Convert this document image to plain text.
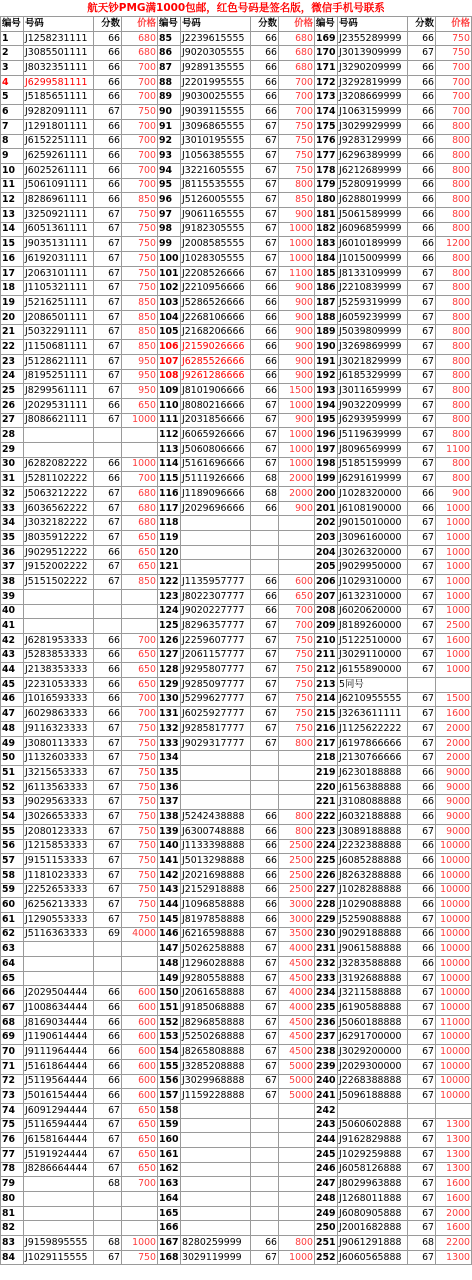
航天钞PMG满1000包邮，红色号码是签名版，微信手机号联系
编号	号码	分数	价格	编号	号码	分数	价格	编号	号码	分数	价格
1	J1258231111	66	680	85	J2239615555	66	680	169	J2355289999	66	750
2	J3085501111	66	680	86	J9020305555	66	680	170	J3013909999	67	750
3	J8032351111	66	700	87	J9289135555	66	680	171	J3290209999	66	700
4	J6299581111	66	700	88	J2201995555	66	700	172	J3292819999	66	700
5	J5185651111	66	700	89	J9030025555	66	700	173	J3208669999	66	700
6	J9282091111	67	750	90	J9039115555	66	700	174	J1063159999	66	700
7	J1291801111	66	700	91	J3096865555	67	750	175	J3029929999	66	800
8	J6152251111	66	700	92	J3010195555	67	750	176	J9283129999	66	800
9	J6259261111	66	700	93	J1056385555	67	750	177	J6296389999	66	800
10	J6025261111	66	700	94	J3221605555	67	750	178	J6212689999	66	800
11	J5061091111	66	700	95	J8115535555	67	800	179	J5280919999	66	800
12	J8286961111	66	850	96	J5126005555	67	850	180	J6288019999	66	800
13	J3250921111	67	750	97	J9061165555	67	900	181	J5061589999	66	800
14	J6051361111	67	750	98	J9182305555	67	1000	182	J6096859999	66	800
15	J9035131111	67	750	99	J2008585555	67	1000	183	J6010189999	66	1200
16	J6192031111	67	750	100	J1028305555	67	1000	184	J1015009999	66	800
17	J2063101111	67	750	101	J2208526666	67	1100	185	J8133109999	67	800
18	J1105321111	67	750	102	J2210956666	66	900	186	J2210839999	67	800
19	J5216251111	67	850	103	J5286526666	66	900	187	J5259319999	67	800
20	J2086501111	67	850	104	J2268106666	66	900	188	J6059239999	67	800
21	J5032291111	67	850	105	J2168206666	66	900	189	J5039809999	67	800
22	J1150681111	67	850	106	J2159026666	66	900	190	J3269869999	67	800
23	J5128621111	67	950	107	J6285526666	66	900	191	J3021829999	67	800
24	J8195251111	67	950	108	J9261286666	66	900	192	J6185329999	67	800
25	J8299561111	67	950	109	J8101906666	66	1500	193	J3011659999	67	800
26	J2029531111	66	650	110	J8080216666	67	1000	194	J9032209999	67	800
27	J8086621111	67	1000	111	J2031856666	67	900	195	J6293959999	67	800
28				112	J6065926666	67	1000	196	J5119639999	67	800
29				113	J5060806666	67	1000	197	J8096569999	67	1100
30	J6282082222	66	1000	114	J5161696666	67	1000	198	J5185159999	67	800
31	J5281102222	66	700	115	J5111926666	68	2000	199	J6291619999	67	800
32	J5063212222	67	680	116	J1189096666	68	2000	200	J1028320000	66	900
33	J6036562222	67	680	117	J2029696666	66	900	201	J6108190000	66	1000
34	J3032182222	67	680	118				202	J9015010000	67	1000
35	J8035912222	67	650	119				203	J3096160000	67	1000
36	J9029512222	66	650	120				204	J3026320000	67	1000
37	J9152002222	67	650	121				205	J9029950000	67	1000
38	J5151502222	67	850	122	J1135957777	66	600	206	J1029310000	67	1000
39				123	J8022307777	66	650	207	J6132310000	67	1000
40				124	J9020227777	66	700	208	J6020620000	67	1000
41				125	J8296357777	67	700	209	J8189260000	67	2500
42	J6281953333	66	700	126	J2259607777	67	750	210	J5122510000	67	1600
43	J5283853333	66	650	127	J2061157777	67	750	211	J3029110000	67	1000
44	J2138353333	66	650	128	J9295807777	67	750	212	J6155890000	67	1000
45	J2231053333	66	650	129	J9285097777	67	750	213	5同号		
46	J1016593333	66	700	130	J5299627777	67	750	214	J6210955555	67	1500
47	J6029863333	66	700	131	J6025927777	67	750	215	J3263611111	67	1600
48	J9116323333	67	750	132	J9285817777	67	750	216	J1125622222	67	2000
49	J3080113333	67	750	133	J9029317777	67	800	217	J6197866666	67	2000
50	J1132603333	67	750	134				218	J2130766666	67	2000
51	J3215653333	67	750	135				219	J6230188888	66	9000
52	J6113563333	67	750	136				220	J6156388888	66	9000
53	J9029563333	67	750	137				221	J3108088888	66	9000
54	J3026653333	67	750	138	J5242438888	66	800	222	J6032188888	66	9000
55	J2080123333	67	750	139	J6300748888	66	800	223	J3089188888	67	9000
56	J1215853333	67	750	140	J1133398888	66	2500	224	J2232388888	66	10000
57	J9151153333	67	750	141	J5013298888	66	2500	225	J6085288888	66	10000
58	J1181023333	67	750	142	J2021698888	66	2500	226	J8263288888	66	10000
59	J2252653333	67	750	143	J2152918888	66	2500	227	J1028288888	66	10000
60	J6256213333	67	750	144	J1096858888	66	3000	228	J1029088888	66	10000
61	J1290553333	67	750	145	J8197858888	66	3000	229	J5259088888	67	10000
62	J5116363333	69	4000	146	J6216598888	67	3500	230	J9029188888	66	10000
63				147	J5026258888	67	4000	231	J9061588888	66	10000
64				148	J1296028888	67	4500	232	J3283588888	66	10000
65				149	J9280558888	67	4500	233	J3192688888	67	10000
66	J2029504444	66	600	150	J2061658888	67	4000	234	J3211588888	67	10000
67	J1008634444	66	600	151	J9185068888	67	4000	235	J6190588888	67	10000
68	J8169034444	66	600	152	J8296858888	67	4500	236	J5060188888	67	11000
69	J1190614444	66	600	153	J5250268888	67	4500	237	J6291700000	67	10000
70	J9111964444	66	600	154	J8265808888	67	4500	238	J3029200000	67	10000
71	J5161864444	66	600	155	J3285208888	67	5000	239	J2029300000	67	10000
72	J5119564444	66	600	156	J3029968888	67	5000	240	J2268388888	67	10000
73	J5016154444	66	600	157	J1159228888	67	5000	241	J5096188888	67	10000
74	J6091294444	67	650	158				242			
75	J5116594444	67	650	159				243	J5060602888	67	1300
76	J6158164444	67	650	160				244	J9162829888	67	1300
77	J5191924444	67	650	161				245	J1029259888	67	1300
78	J8286664444	67	650	162				246	J6058126888	67	1300
79		68	700	163				247	J8029963888	67	1600
80				164				248	J1268011888	67	1600
81				165				249	J6080905888	67	2000
82				166				250	J2001682888	67	1600
83	J9159895555	68	1000	167	8280259999	66	800	251	J9061291888	68	2200
84	J1029115555	67	750	168	3029119999	67	1000	252	J6060565888	67	1300
